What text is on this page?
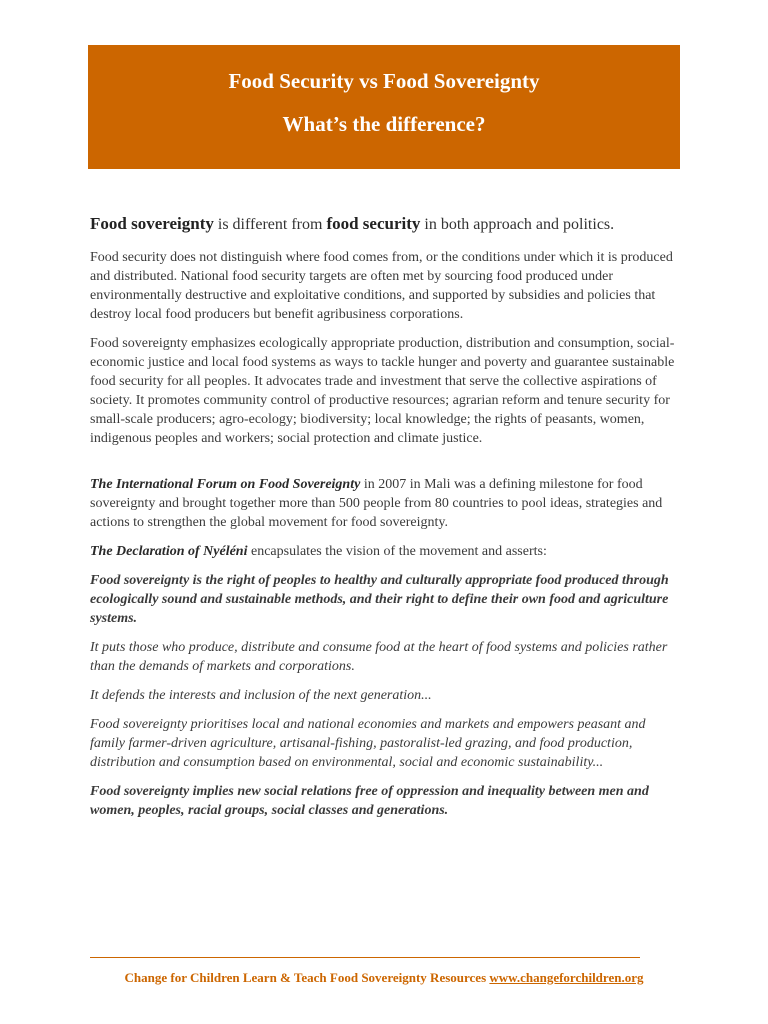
Food Security vs Food Sovereignty
What’s the difference?

Food sovereignty is different from food security in both approach and politics.

Food security does not distinguish where food comes from, or the conditions under which it is produced and distributed. National food security targets are often met by sourcing food produced under environmentally destructive and exploitative conditions, and supported by subsidies and policies that destroy local food producers but benefit agribusiness corporations.

Food sovereignty emphasizes ecologically appropriate production, distribution and consumption, social-economic justice and local food systems as ways to tackle hunger and poverty and guarantee sustainable food security for all peoples. It advocates trade and investment that serve the collective aspirations of society. It promotes community control of productive resources; agrarian reform and tenure security for small-scale producers; agro-ecology; biodiversity; local knowledge; the rights of peasants, women, indigenous peoples and workers; social protection and climate justice.

The International Forum on Food Sovereignty in 2007 in Mali was a defining milestone for food sovereignty and brought together more than 500 people from 80 countries to pool ideas, strategies and actions to strengthen the global movement for food sovereignty.

The Declaration of Nyéléni encapsulates the vision of the movement and asserts:

Food sovereignty is the right of peoples to healthy and culturally appropriate food produced through ecologically sound and sustainable methods, and their right to define their own food and agriculture systems.

It puts those who produce, distribute and consume food at the heart of food systems and policies rather than the demands of markets and corporations.

It defends the interests and inclusion of the next generation...

Food sovereignty prioritises local and national economies and markets and empowers peasant and family farmer-driven agriculture, artisanal-fishing, pastoralist-led grazing, and food production, distribution and consumption based on environmental, social and economic sustainability...

Food sovereignty implies new social relations free of oppression and inequality between men and women, peoples, racial groups, social classes and generations.

Change for Children Learn & Teach Food Sovereignty Resources www.changeforchildren.org
